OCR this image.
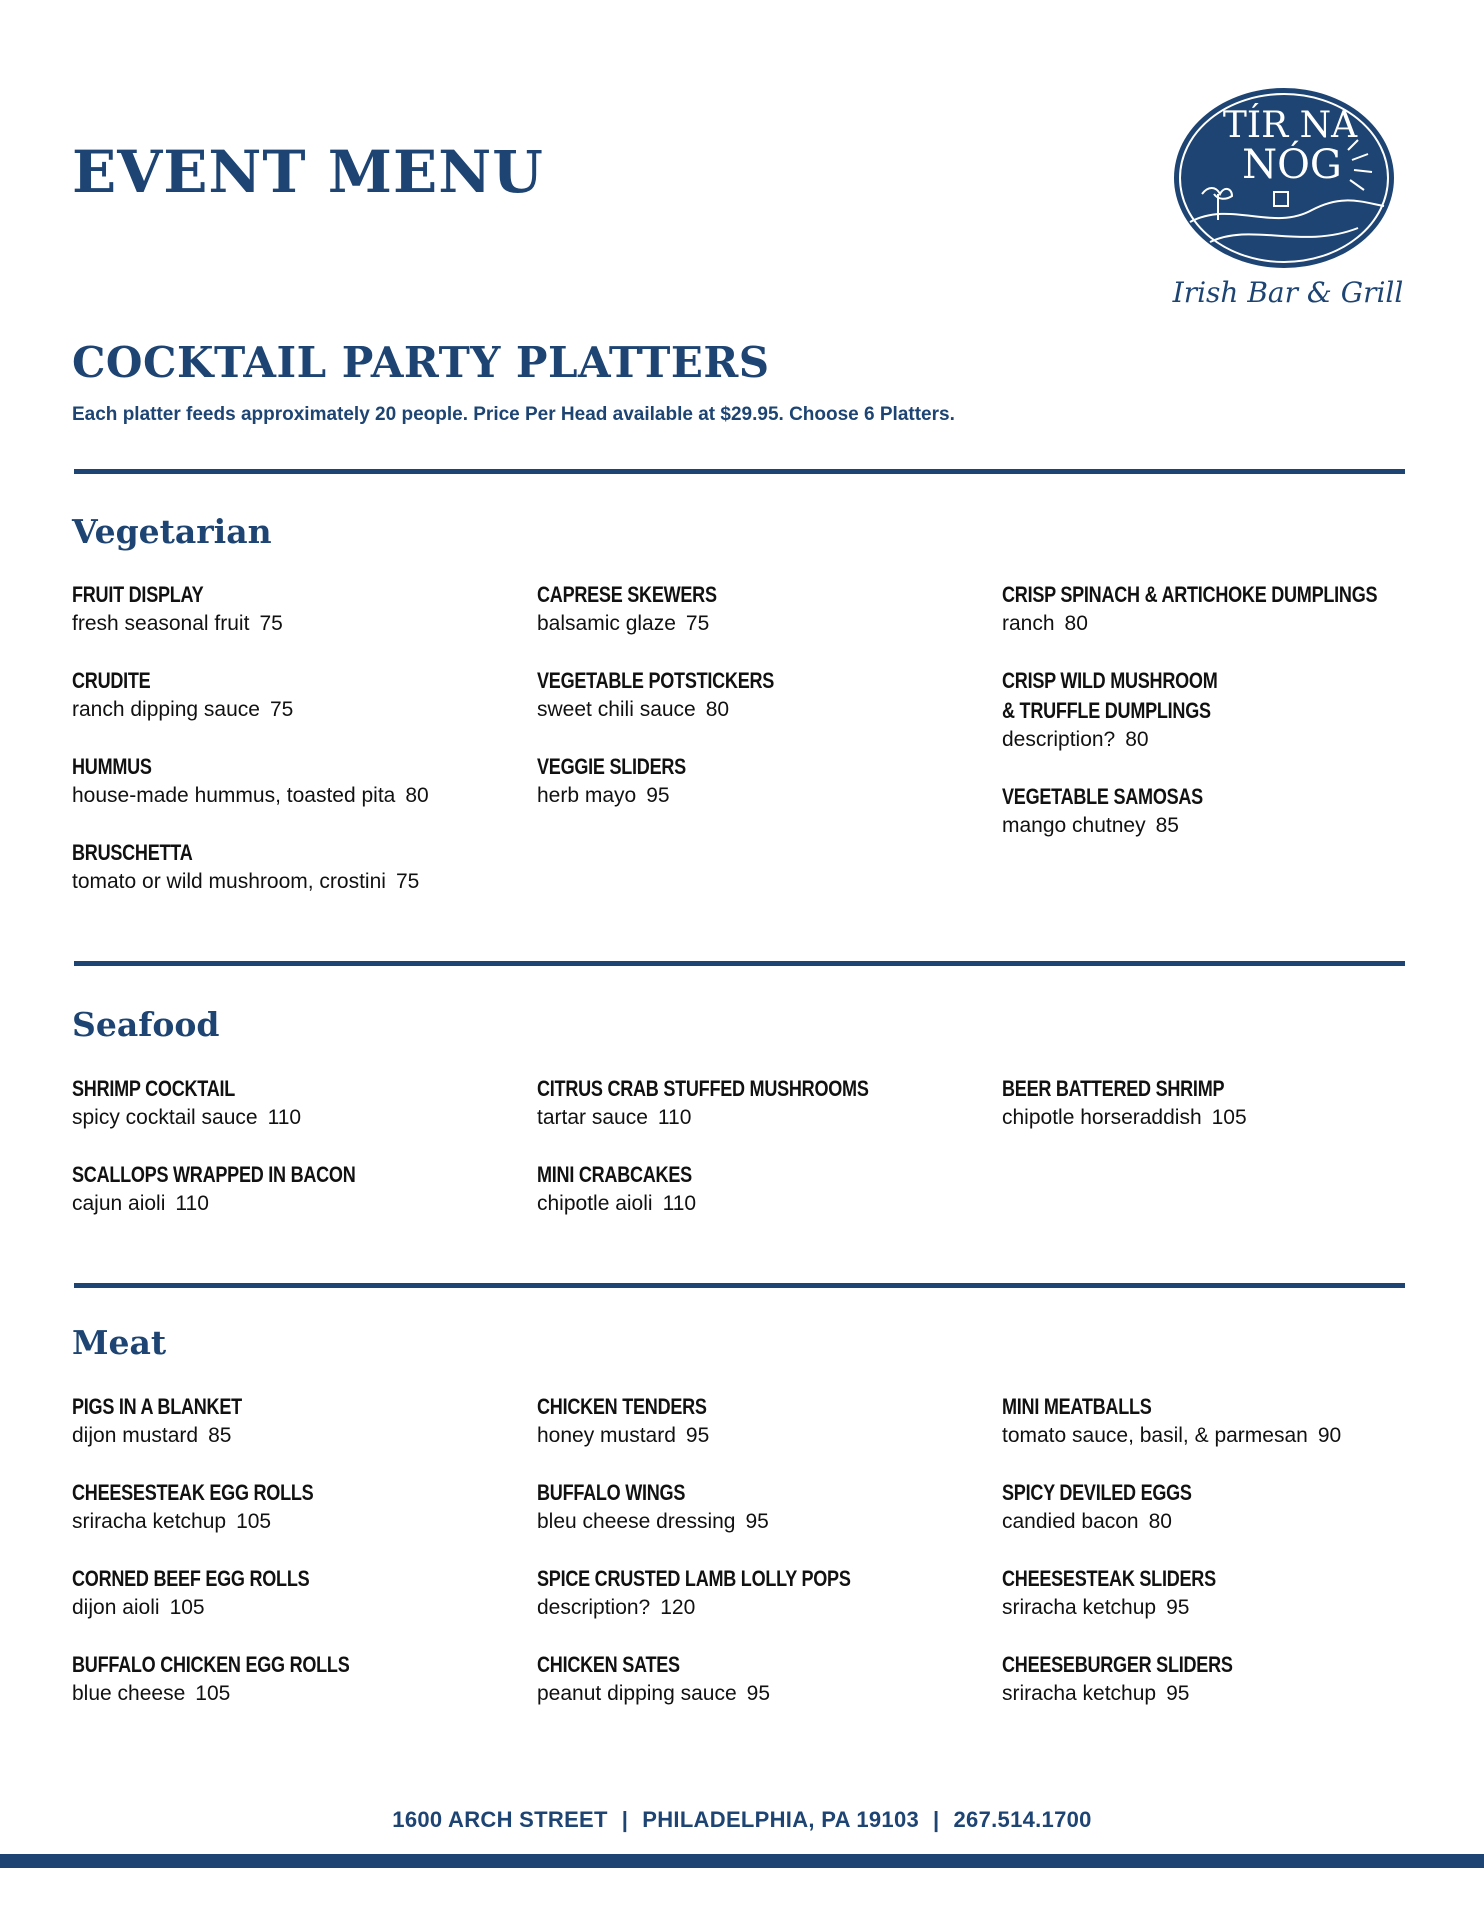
EVENT MENU
TÍR NA
NÓG
Irish Bar & Grill
COCKTAIL PARTY PLATTERS

Each platter feeds approximately 20 people. Price Per Head available at $29.95. Choose 6 Platters.

Vegetarian
FRUIT DISPLAY
fresh seasonal fruit 75
CRUDITE
ranch dipping sauce 75
HUMMUS
house-made hummus, toasted pita 80
BRUSCHETTA
tomato or wild mushroom, crostini 75
CAPRESE SKEWERS
balsamic glaze 75
VEGETABLE POTSTICKERS
sweet chili sauce 80
VEGGIE SLIDERS
herb mayo 95
CRISP SPINACH & ARTICHOKE DUMPLINGS
ranch 80
CRISP WILD MUSHROOM
& TRUFFLE DUMPLINGS
description? 80
VEGETABLE SAMOSAS
mango chutney 85
Seafood
SHRIMP COCKTAIL
spicy cocktail sauce 110
SCALLOPS WRAPPED IN BACON
cajun aioli 110
CITRUS CRAB STUFFED MUSHROOMS
tartar sauce 110
MINI CRABCAKES
chipotle aioli 110
BEER BATTERED SHRIMP
chipotle horseraddish 105
Meat
PIGS IN A BLANKET
dijon mustard 85
CHEESESTEAK EGG ROLLS
sriracha ketchup 105
CORNED BEEF EGG ROLLS
dijon aioli 105
BUFFALO CHICKEN EGG ROLLS
blue cheese 105
CHICKEN TENDERS
honey mustard 95
BUFFALO WINGS
bleu cheese dressing 95
SPICE CRUSTED LAMB LOLLY POPS
description? 120
CHICKEN SATES
peanut dipping sauce 95
MINI MEATBALLS
tomato sauce, basil, & parmesan 90
SPICY DEVILED EGGS
candied bacon 80
CHEESESTEAK SLIDERS
sriracha ketchup 95
CHEESEBURGER SLIDERS
sriracha ketchup 95
1600 ARCH STREET | PHILADELPHIA, PA 19103 | 267.514.1700
